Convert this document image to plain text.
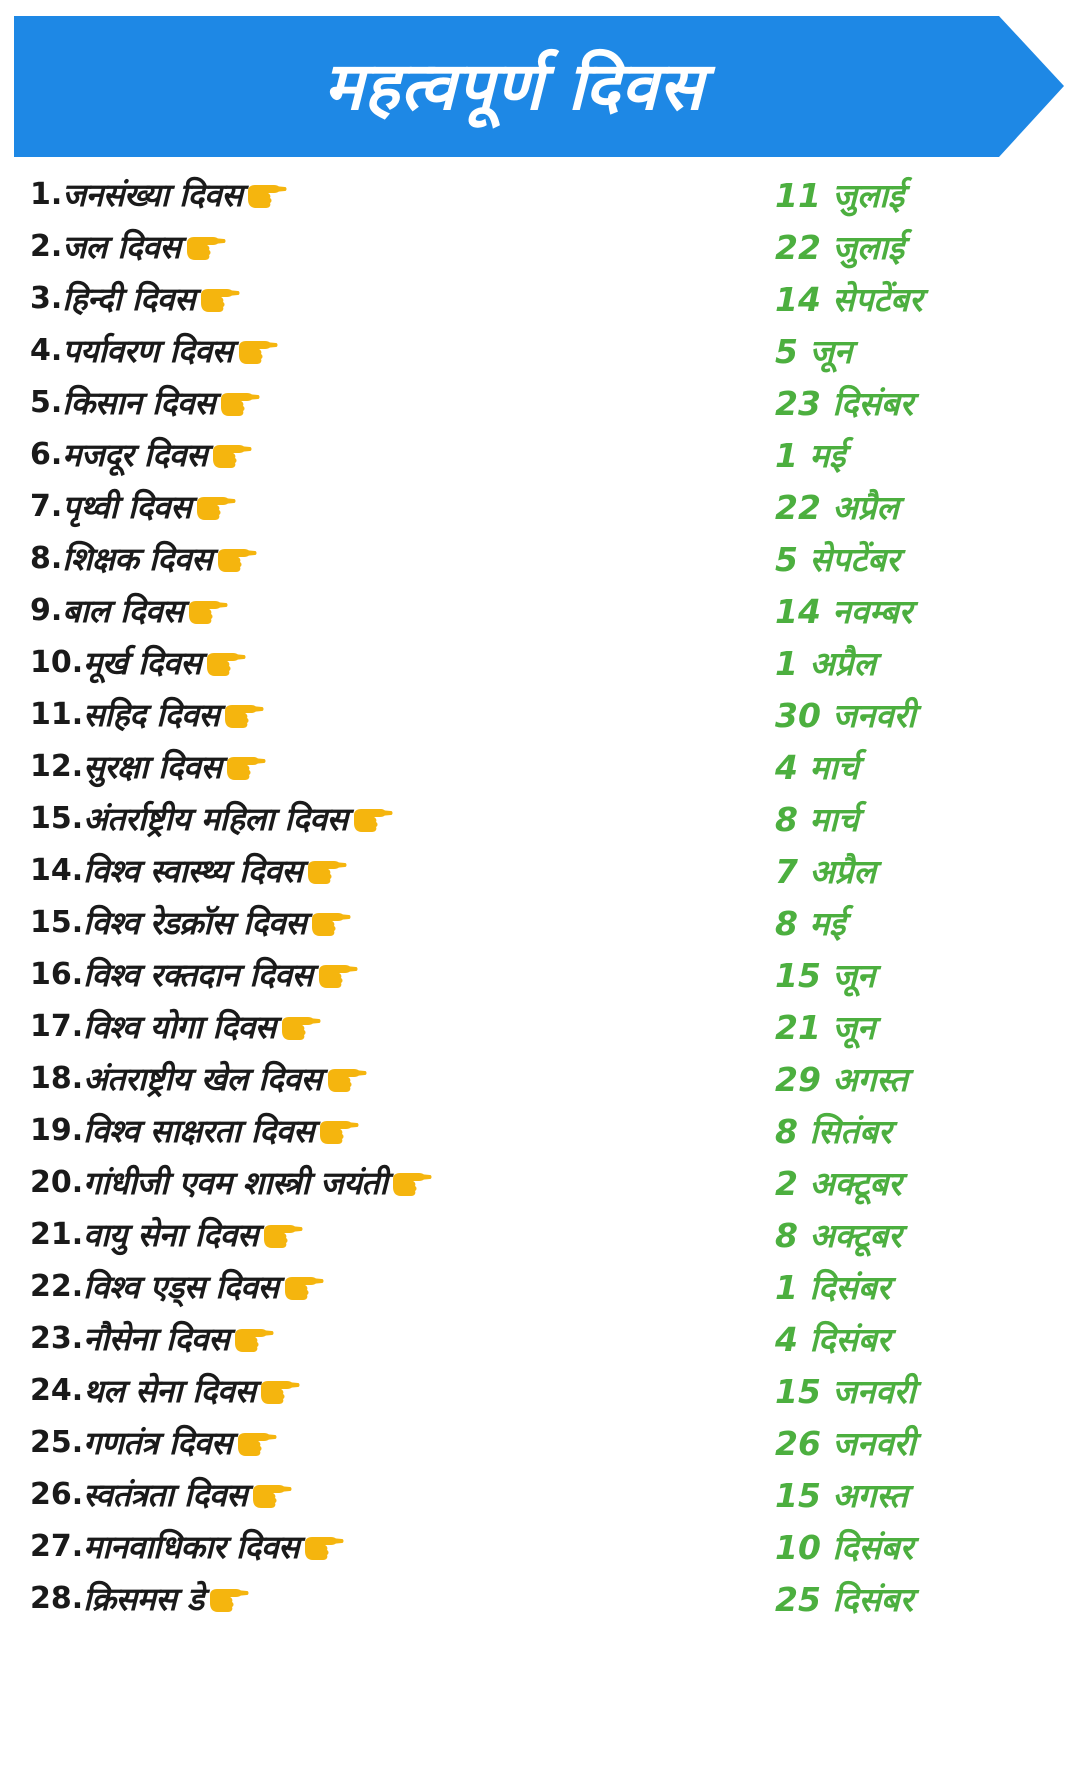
महत्वपूर्ण दिवस
1. जनसंख्या दिवस	11 जुलाई
2. जल दिवस	22 जुलाई
3. हिन्दी दिवस	14 सेपटेंबर
4. पर्यावरण दिवस	5 जून
5. किसान दिवस	23 दिसंबर
6. मजदूर दिवस	1 मई
7. पृथ्वी दिवस	22 अप्रैल
8. शिक्षक दिवस	5 सेपटेंबर
9. बाल दिवस	14 नवम्बर
10. मूर्ख दिवस	1 अप्रैल
11. सहिद दिवस	30 जनवरी
12. सुरक्षा दिवस	4 मार्च
15. अंतर्राष्ट्रीय महिला दिवस	8 मार्च
14. विश्व स्वास्थ्य दिवस	7 अप्रैल
15. विश्व रेडक्रॉस दिवस	8 मई
16. विश्व रक्तदान दिवस	15 जून
17. विश्व योगा दिवस	21 जून
18. अंतराष्ट्रीय खेल दिवस	29 अगस्त
19. विश्व साक्षरता दिवस	8 सितंबर
20. गांधीजी एवम शास्त्री जयंती	2 अक्टूबर
21. वायु सेना दिवस	8 अक्टूबर
22. विश्व एड्स दिवस	1 दिसंबर
23. नौसेना दिवस	4 दिसंबर
24. थल सेना दिवस	15 जनवरी
25. गणतंत्र दिवस	26 जनवरी
26. स्वतंत्रता दिवस	15 अगस्त
27. मानवाधिकार दिवस	10 दिसंबर
28. क्रिसमस डे	25 दिसंबर
